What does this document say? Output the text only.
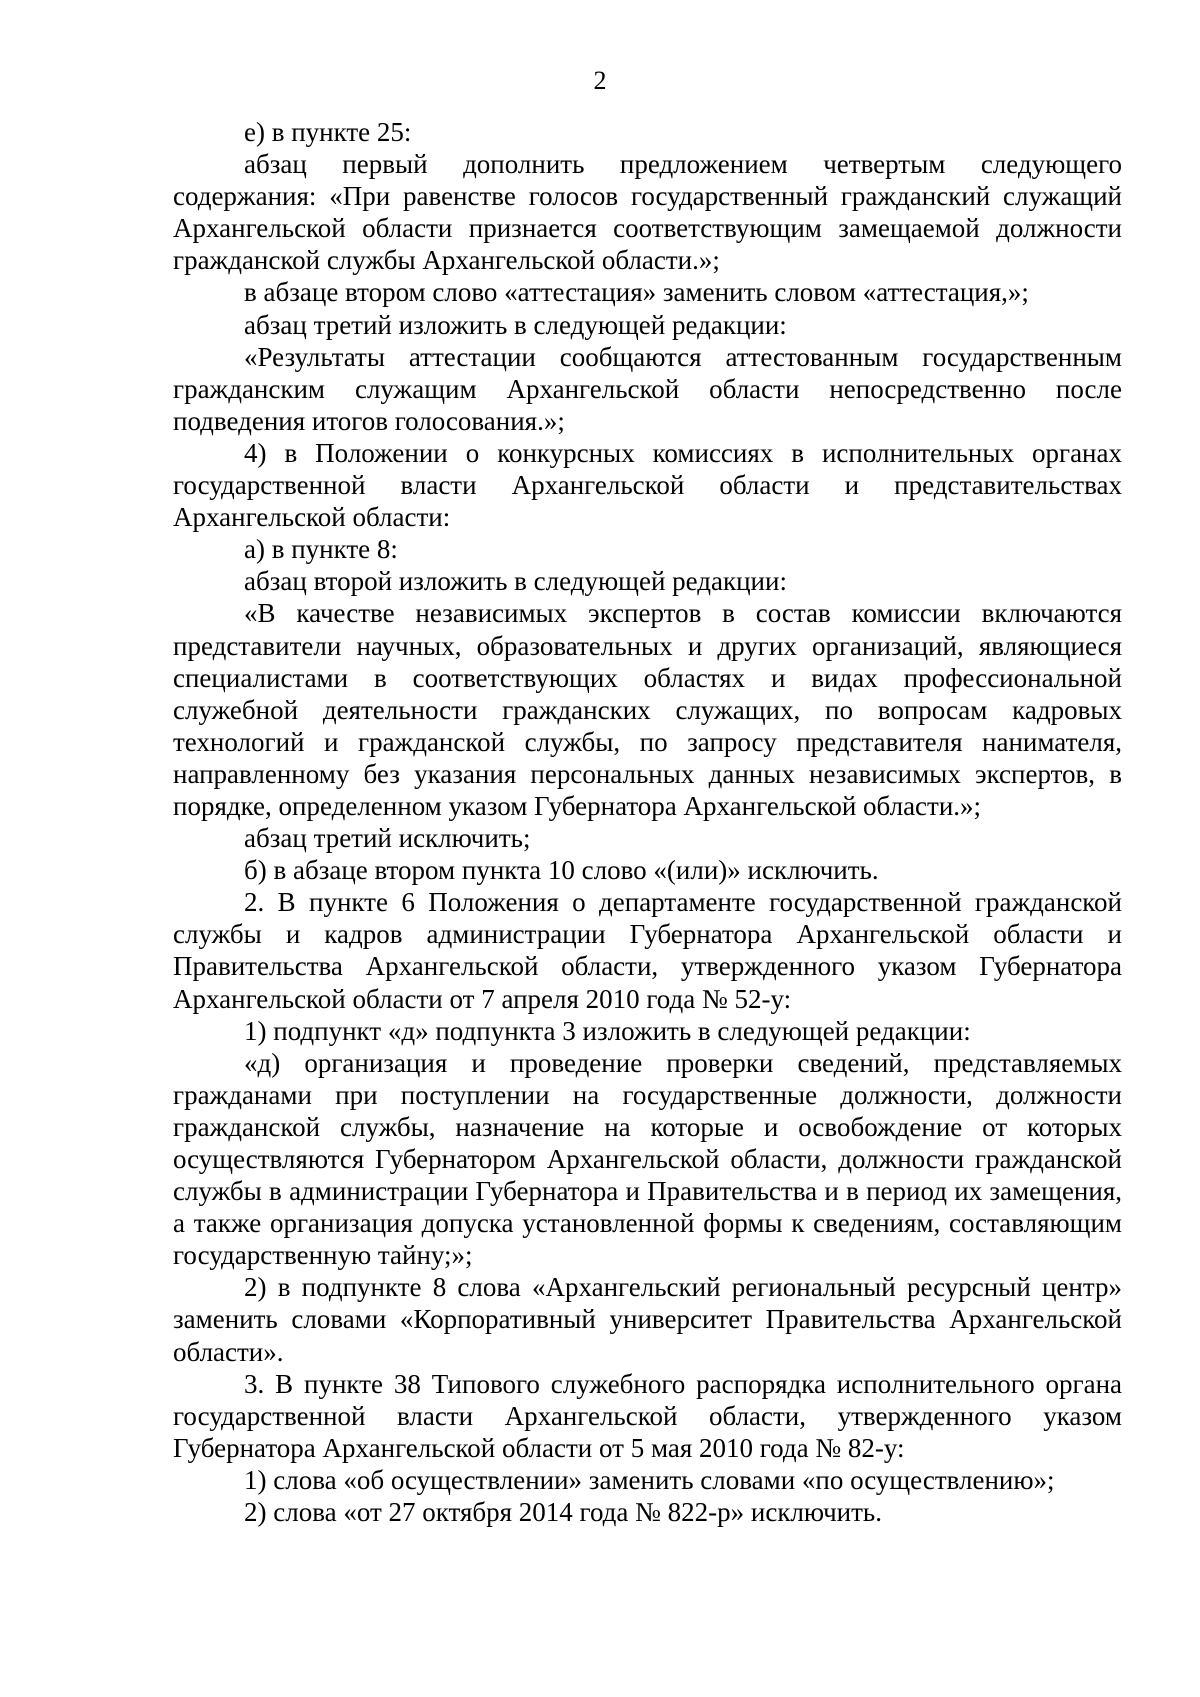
2

е) в пункте 25:

абзац первый дополнить предложением четвертым следующего содержания: «При равенстве голосов государственный гражданский служащий Архангельской области признается соответствующим замещаемой должности гражданской службы Архангельской области.»;

в абзаце втором слово «аттестация» заменить словом «аттестация,»;

абзац третий изложить в следующей редакции:

«Результаты аттестации сообщаются аттестованным государственным гражданским служащим Архангельской области непосредственно после подведения итогов голосования.»;

4) в Положении о конкурсных комиссиях в исполнительных органах государственной власти Архангельской области и представительствах Архангельской области:

а) в пункте 8:

абзац второй изложить в следующей редакции:

«В качестве независимых экспертов в состав комиссии включаются представители научных, образовательных и других организаций, являющиеся специалистами в соответствующих областях и видах профессиональной служебной деятельности гражданских служащих, по вопросам кадровых технологий и гражданской службы, по запросу представителя нанимателя, направленному без указания персональных данных независимых экспертов, в порядке, определенном указом Губернатора Архангельской области.»;

абзац третий исключить;

б) в абзаце втором пункта 10 слово «(или)» исключить.

2. В пункте 6 Положения о департаменте государственной гражданской службы и кадров администрации Губернатора Архангельской области и Правительства Архангельской области, утвержденного указом Губернатора Архангельской области от 7 апреля 2010 года № 52-у:

1) подпункт «д» подпункта 3 изложить в следующей редакции:

«д) организация и проведение проверки сведений, представляемых гражданами при поступлении на государственные должности, должности гражданской службы, назначение на которые и освобождение от которых осуществляются Губернатором Архангельской области, должности гражданской службы в администрации Губернатора и Правительства и в период их замещения, а также организация допуска установленной формы к сведениям, составляющим государственную тайну;»;

2) в подпункте 8 слова «Архангельский региональный ресурсный центр» заменить словами «Корпоративный университет Правительства Архангельской области».

3. В пункте 38 Типового служебного распорядка исполнительного органа государственной власти Архангельской области, утвержденного указом Губернатора Архангельской области от 5 мая 2010 года № 82-у:

1) слова «об осуществлении» заменить словами «по осуществлению»;

2) слова «от 27 октября 2014 года № 822-р» исключить.
